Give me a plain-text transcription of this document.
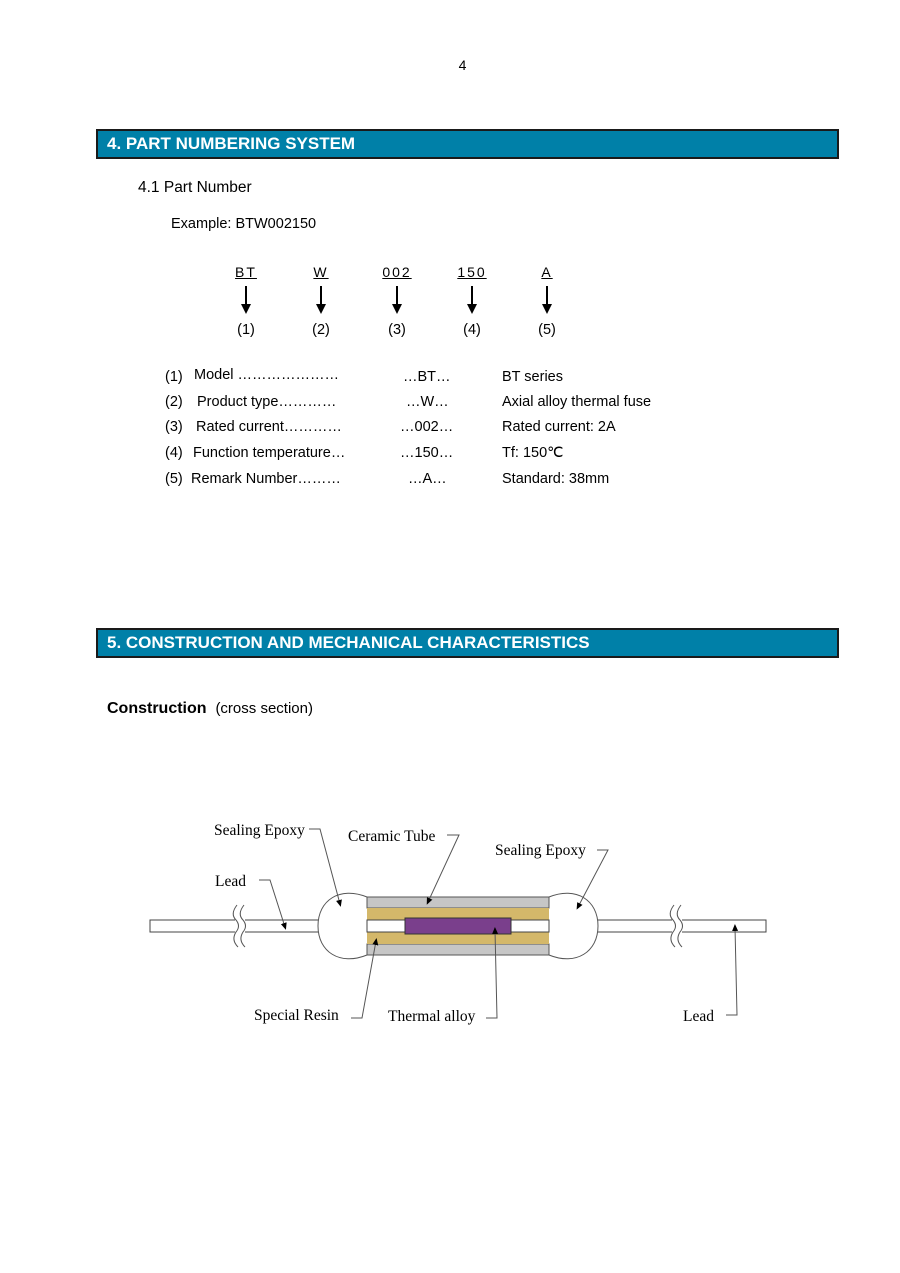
4
4. PART NUMBERING SYSTEM
4.1 Part Number
Example: BTW002150
BT	W	002	150	A
(1)	(2)	(3)	(4)	(5)
(1) Model …………………	…BT…	BT series
(2) Product type…………	…W…	Axial alloy thermal fuse
(3) Rated current…………	…002…	Rated current: 2A
(4) Function temperature…	…150…	Tf: 150℃
(5) Remark Number………	…A…	Standard: 38mm
5. CONSTRUCTION AND MECHANICAL CHARACTERISTICS
Construction (cross section)
Sealing Epoxy	Ceramic Tube
Sealing Epoxy
Lead
Special Resin	Thermal alloy	Lead
